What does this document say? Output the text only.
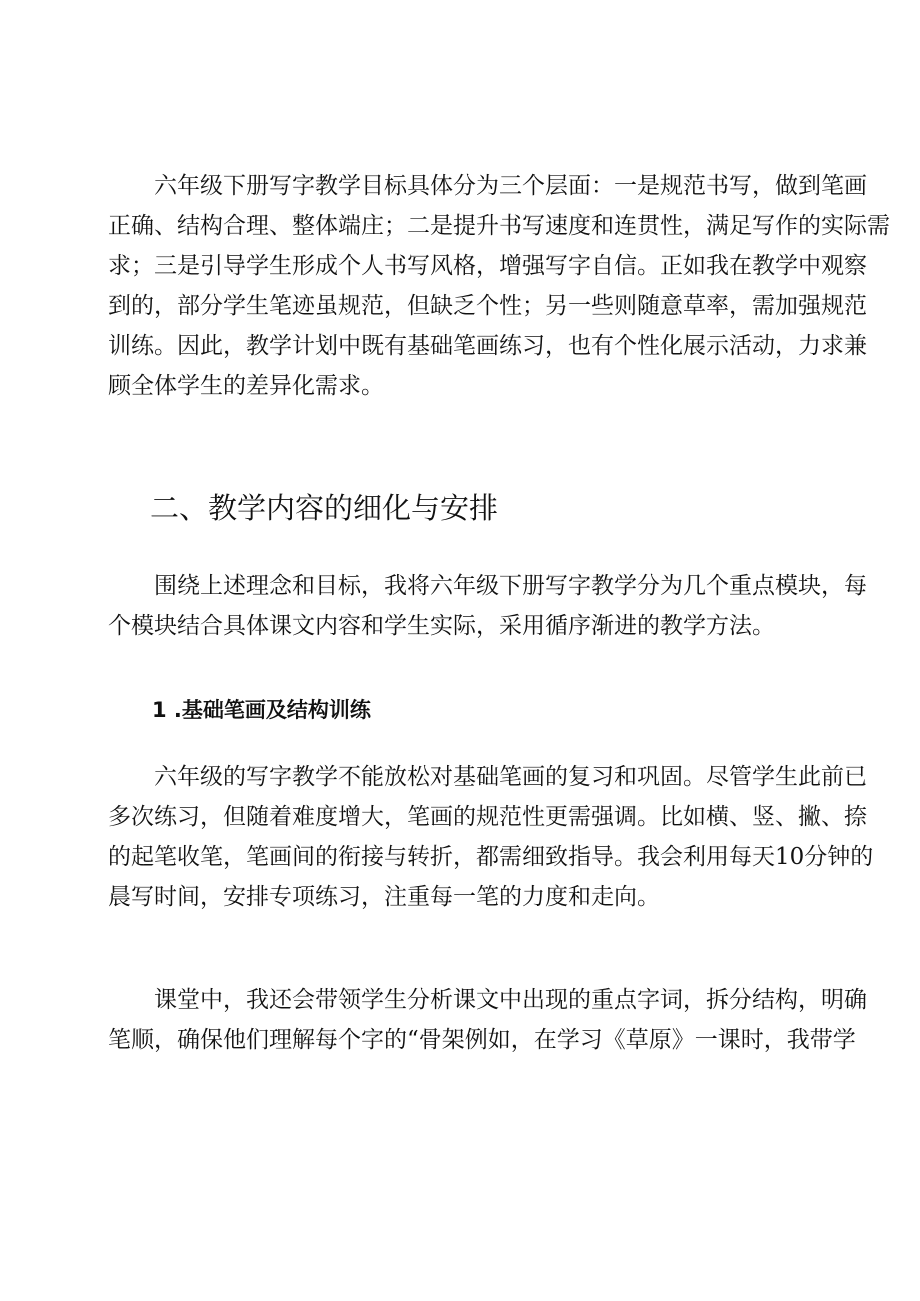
六年级下册写字教学目标具体分为三个层面：一是规范书写，做到笔画
正确、结构合理、整体端庄；二是提升书写速度和连贯性，满足写作的实际需
求；三是引导学生形成个人书写风格，增强写字自信。正如我在教学中观察
到的，部分学生笔迹虽规范，但缺乏个性；另一些则随意草率，需加强规范
训练。因此，教学计划中既有基础笔画练习，也有个性化展示活动，力求兼
顾全体学生的差异化需求。
二、教学内容的细化与安排
围绕上述理念和目标，我将六年级下册写字教学分为几个重点模块，每
个模块结合具体课文内容和学生实际，采用循序渐进的教学方法。
1 .基础笔画及结构训练
六年级的写字教学不能放松对基础笔画的复习和巩固。尽管学生此前已
多次练习，但随着难度增大，笔画的规范性更需强调。比如横、竖、撇、捺
的起笔收笔，笔画间的衔接与转折，都需细致指导。我会利用每天10分钟的
晨写时间，安排专项练习，注重每一笔的力度和走向。
课堂中，我还会带领学生分析课文中出现的重点字词，拆分结构，明确
笔顺，确保他们理解每个字的“骨架例如，在学习《草原》一课时，我带学
